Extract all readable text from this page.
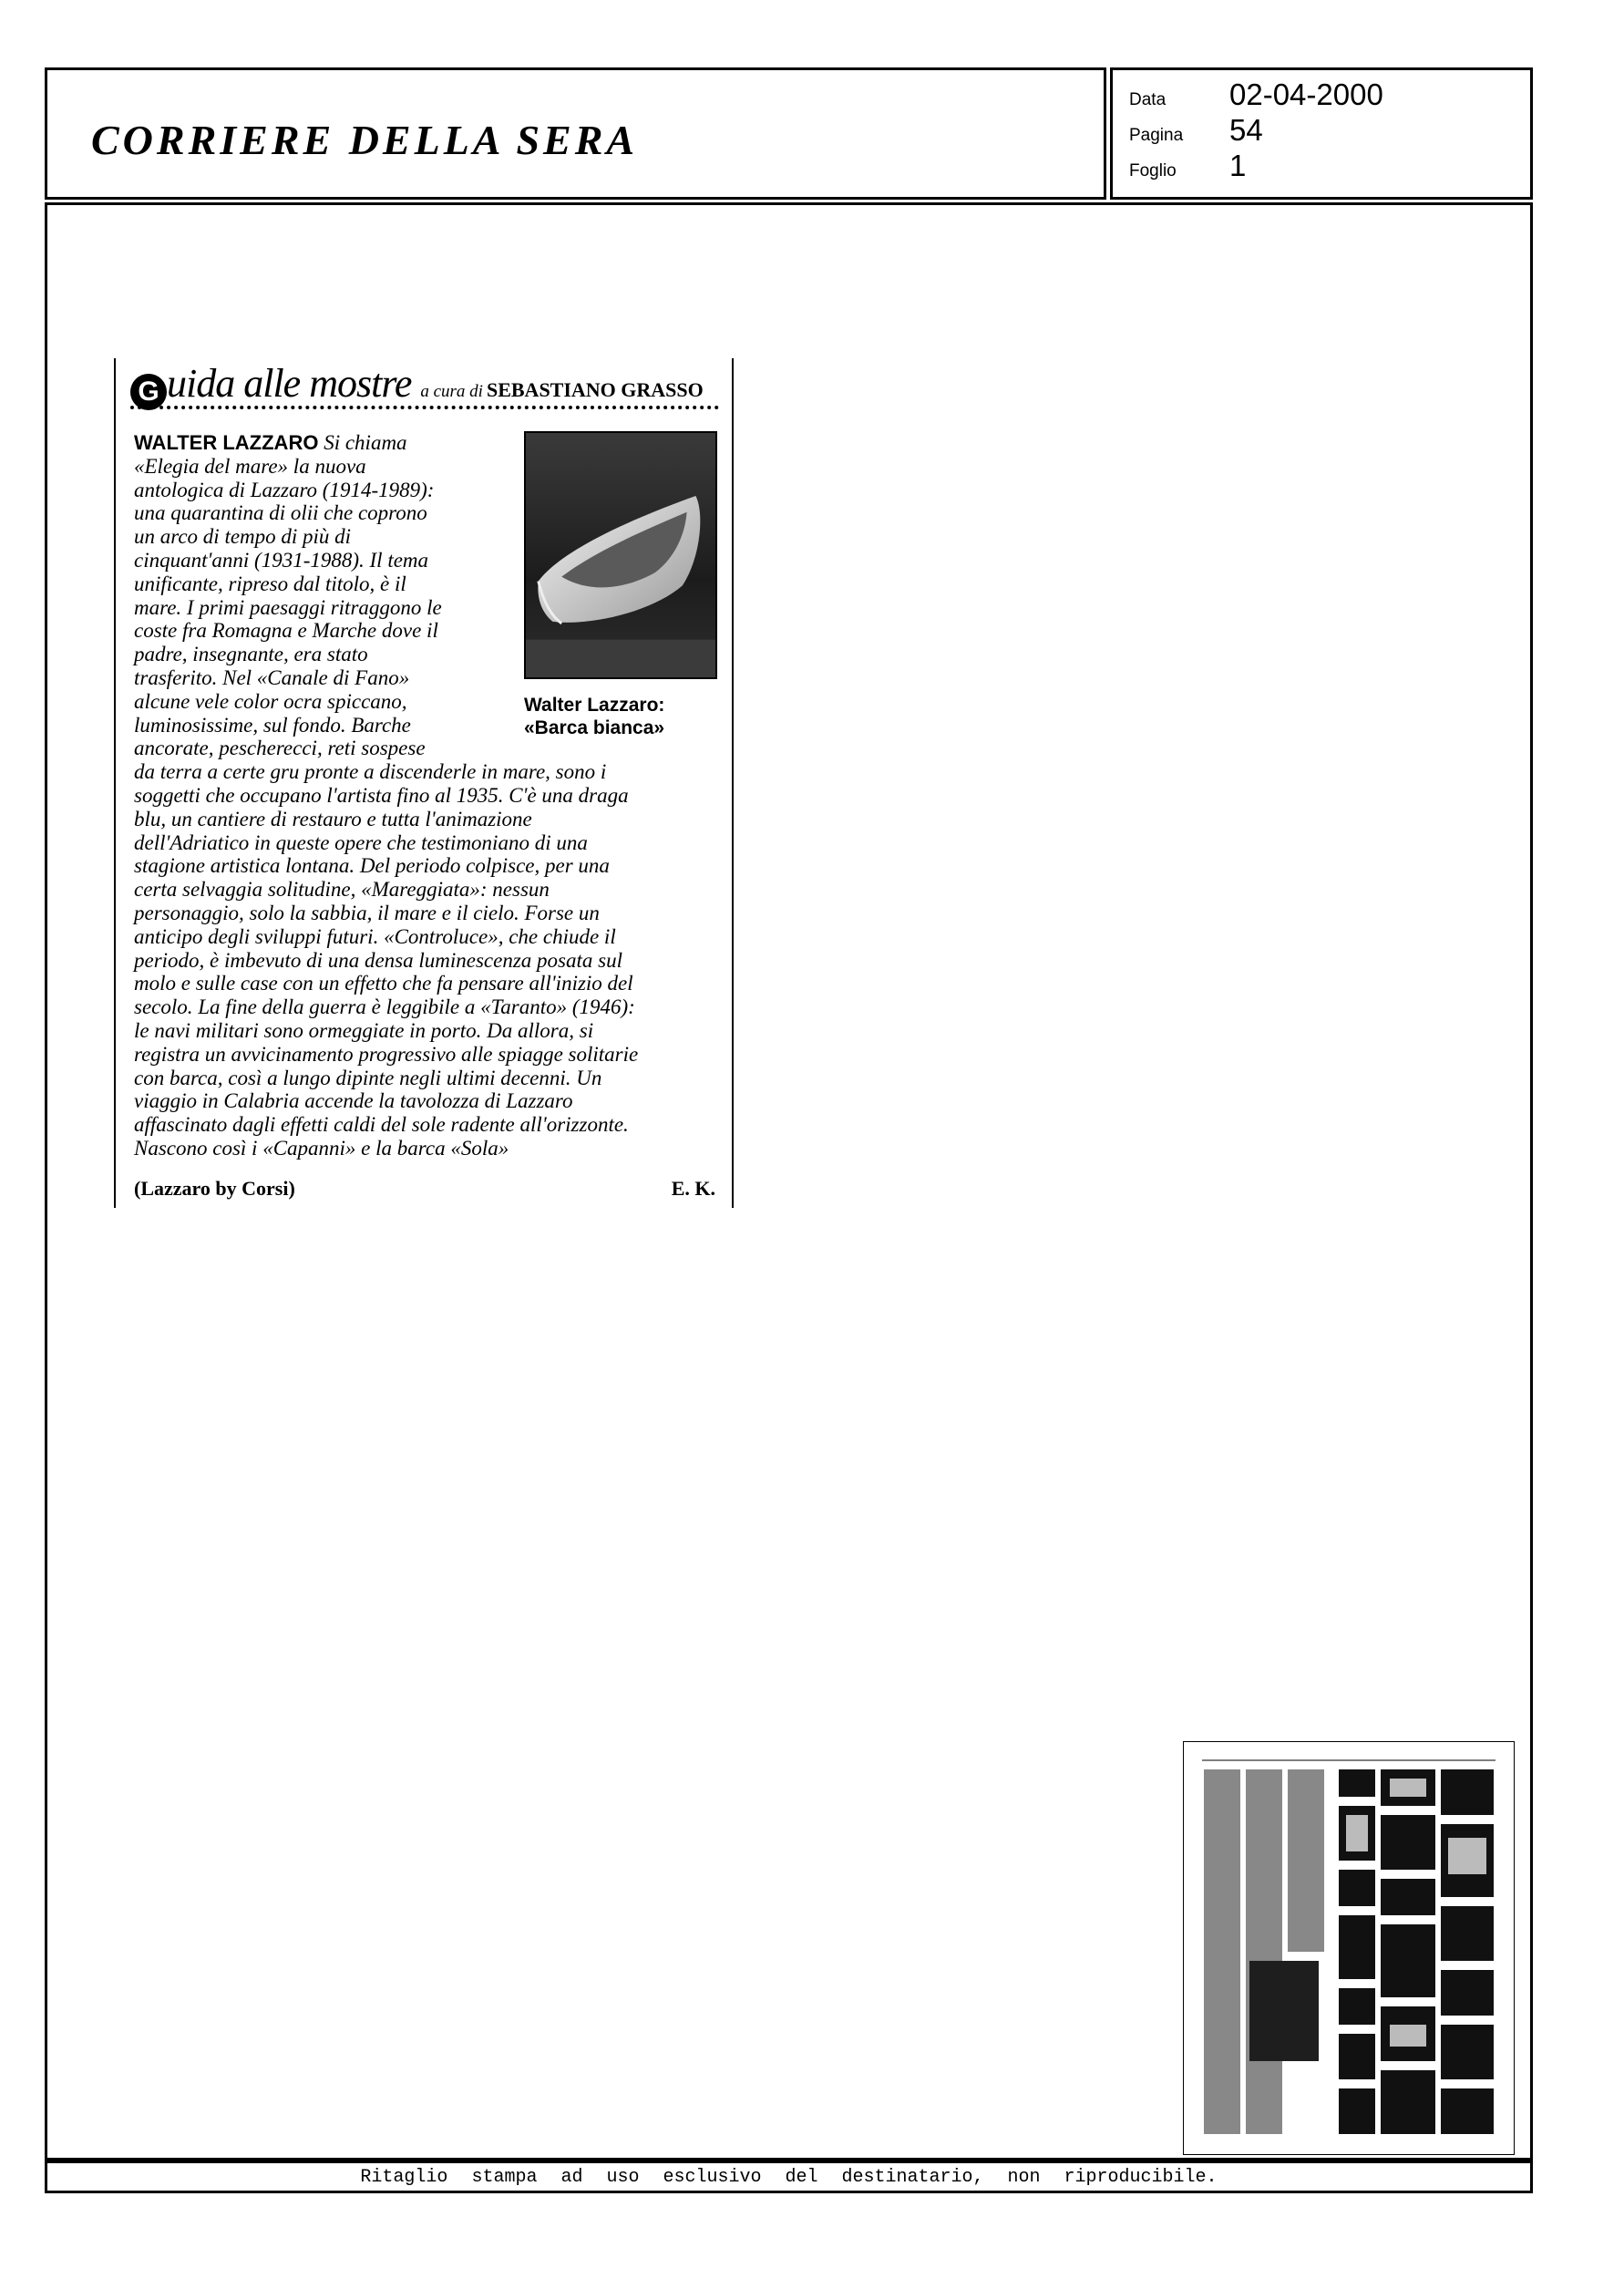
CORRIERE DELLA SERA
Data	02-04-2000
Pagina	54
Foglio	1
G uida alle mostre a cura di SEBASTIANO GRASSO
Walter Lazzaro:
«Barca bianca»
WALTER LAZZARO Si chiama
«Elegia del mare» la nuova
antologica di Lazzaro (1914-1989):
una quarantina di olii che coprono
un arco di tempo di più di
cinquant'anni (1931-1988). Il tema
unificante, ripreso dal titolo, è il
mare. I primi paesaggi ritraggono le
coste fra Romagna e Marche dove il
padre, insegnante, era stato
trasferito. Nel «Canale di Fano»
alcune vele color ocra spiccano,
luminosissime, sul fondo. Barche
ancorate, pescherecci, reti sospese
da terra a certe gru pronte a discenderle in mare, sono i
soggetti che occupano l'artista fino al 1935. C'è una draga
blu, un cantiere di restauro e tutta l'animazione
dell'Adriatico in queste opere che testimoniano di una
stagione artistica lontana. Del periodo colpisce, per una
certa selvaggia solitudine, «Mareggiata»: nessun
personaggio, solo la sabbia, il mare e il cielo. Forse un
anticipo degli sviluppi futuri. «Controluce», che chiude il
periodo, è imbevuto di una densa luminescenza posata sul
molo e sulle case con un effetto che fa pensare all'inizio del
secolo. La fine della guerra è leggibile a «Taranto» (1946):
le navi militari sono ormeggiate in porto. Da allora, si
registra un avvicinamento progressivo alle spiagge solitarie
con barca, così a lungo dipinte negli ultimi decenni. Un
viaggio in Calabria accende la tavolozza di Lazzaro
affascinato dagli effetti caldi del sole radente all'orizzonte.
Nascono così i «Capanni» e la barca «Sola»
(Lazzaro by Corsi)	E. K.
Ritaglio stampa ad uso esclusivo del destinatario, non riproducibile.
